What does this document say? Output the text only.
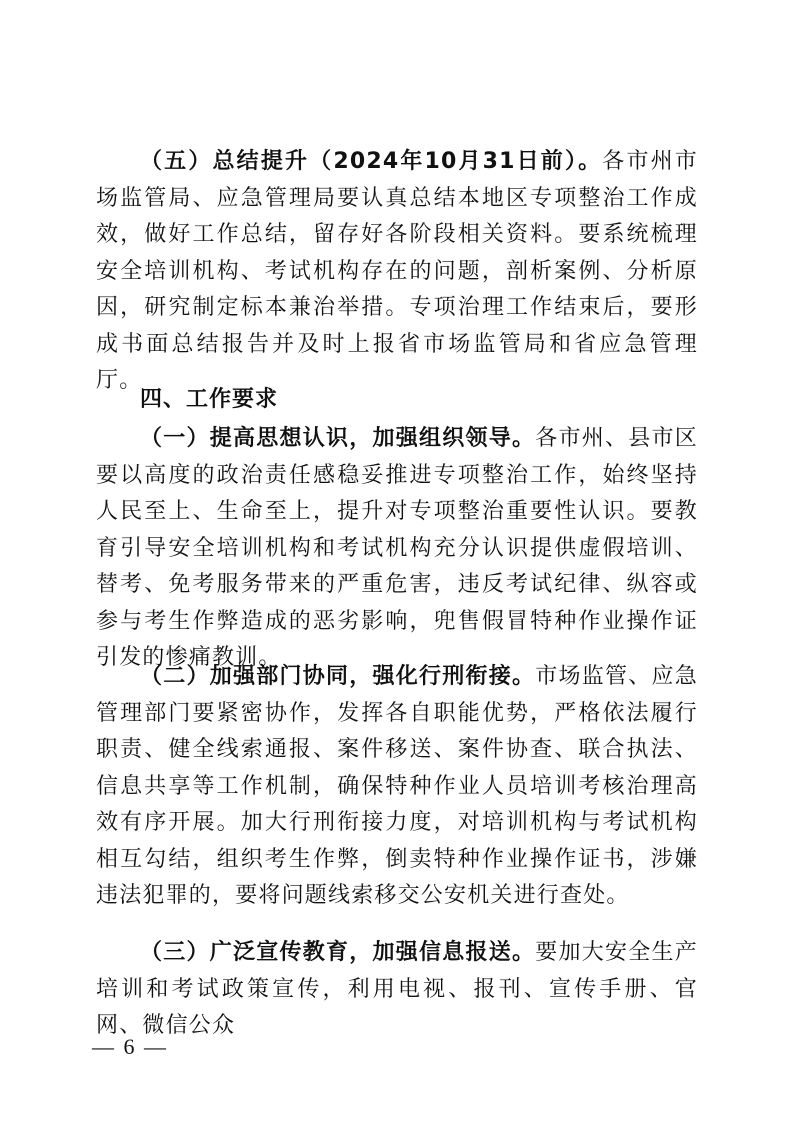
（五）总结提升（2024年10月31日前）。各市州市场监管局、应急管理局要认真总结本地区专项整治工作成效，做好工作总结，留存好各阶段相关资料。要系统梳理安全培训机构、考试机构存在的问题，剖析案例、分析原因，研究制定标本兼治举措。专项治理工作结束后，要形成书面总结报告并及时上报省市场监管局和省应急管理厅。

四、工作要求

（一）提高思想认识，加强组织领导。各市州、县市区要以高度的政治责任感稳妥推进专项整治工作，始终坚持人民至上、生命至上，提升对专项整治重要性认识。要教育引导安全培训机构和考试机构充分认识提供虚假培训、替考、免考服务带来的严重危害，违反考试纪律、纵容或参与考生作弊造成的恶劣影响，兜售假冒特种作业操作证引发的惨痛教训。

（二）加强部门协同，强化行刑衔接。市场监管、应急管理部门要紧密协作，发挥各自职能优势，严格依法履行职责、健全线索通报、案件移送、案件协查、联合执法、信息共享等工作机制，确保特种作业人员培训考核治理高效有序开展。加大行刑衔接力度，对培训机构与考试机构相互勾结，组织考生作弊，倒卖特种作业操作证书，涉嫌违法犯罪的，要将问题线索移交公安机关进行查处。

（三）广泛宣传教育，加强信息报送。要加大安全生产培训和考试政策宣传，利用电视、报刊、宣传手册、官网、微信公众

— 6 —
